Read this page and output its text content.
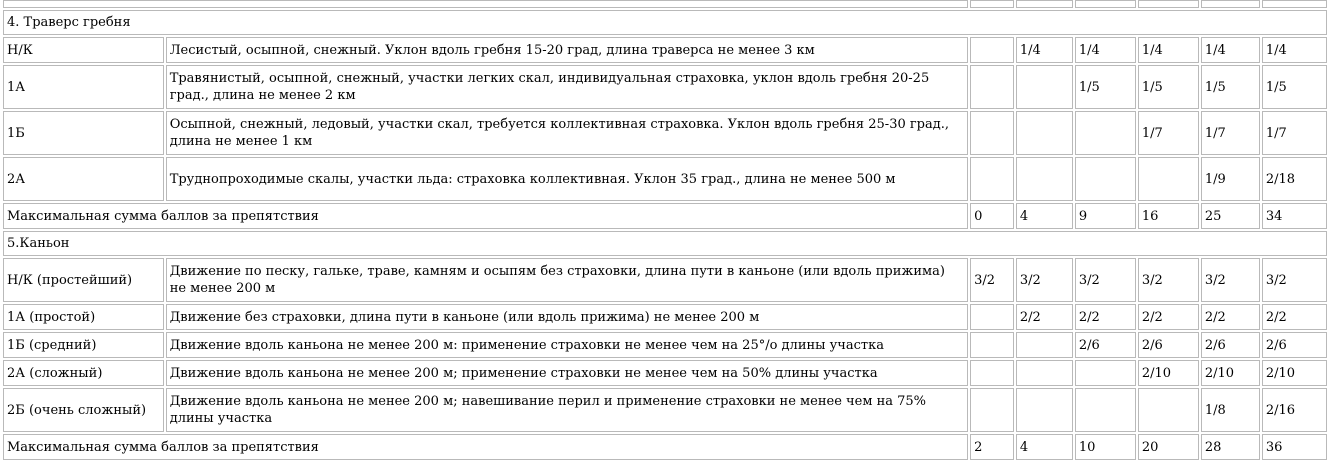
4. Траверс гребня							
Н/К	Лесистый, осыпной, снежный. Уклон вдоль гребня 15-20 град, длина траверса не менее 3 км		1/4	1/4	1/4	1/4	1/4
1А	Травянистый, осыпной, снежный, участки легких скал, индивидуальная страховка, уклон вдоль гребня 20-25 град., длина не менее 2 км			1/5	1/5	1/5	1/5
1Б	Осыпной, снежный, ледовый, участки скал, требуется коллективная страховка. Уклон вдоль гребня 25-30 град., длина не менее 1 км				1/7	1/7	1/7
2А	Труднопроходимые скалы, участки льда: страховка коллективная. Уклон 35 град., длина не менее 500 м					1/9	2/18
Максимальная сумма баллов за препятствия		0	4	9	16	25	34
5.Каньон							
Н/К (простейший)	Движение по песку, гальке, траве, камням и осыпям без страховки, длина пути в каньоне (или вдоль прижима) не менее 200 м	3/2	3/2	3/2	3/2	3/2	3/2
1А (простой)	Движение без страховки, длина пути в каньоне (или вдоль прижима) не менее 200 м		2/2	2/2	2/2	2/2	2/2
1Б (средний)	Движение вдоль каньона не менее 200 м: применение страховки не менее чем на 25°/о длины участка			2/6	2/6	2/6	2/6
2А (сложный)	Движение вдоль каньона не менее 200 м; применение страховки не менее чем на 50% длины участка				2/10	2/10	2/10
2Б (очень сложный)	Движение вдоль каньона не менее 200 м; навешивание перил и применение страховки не менее чем на 75% длины участка					1/8	2/16
Максимальная сумма баллов за препятствия		2	4	10	20	28	36
